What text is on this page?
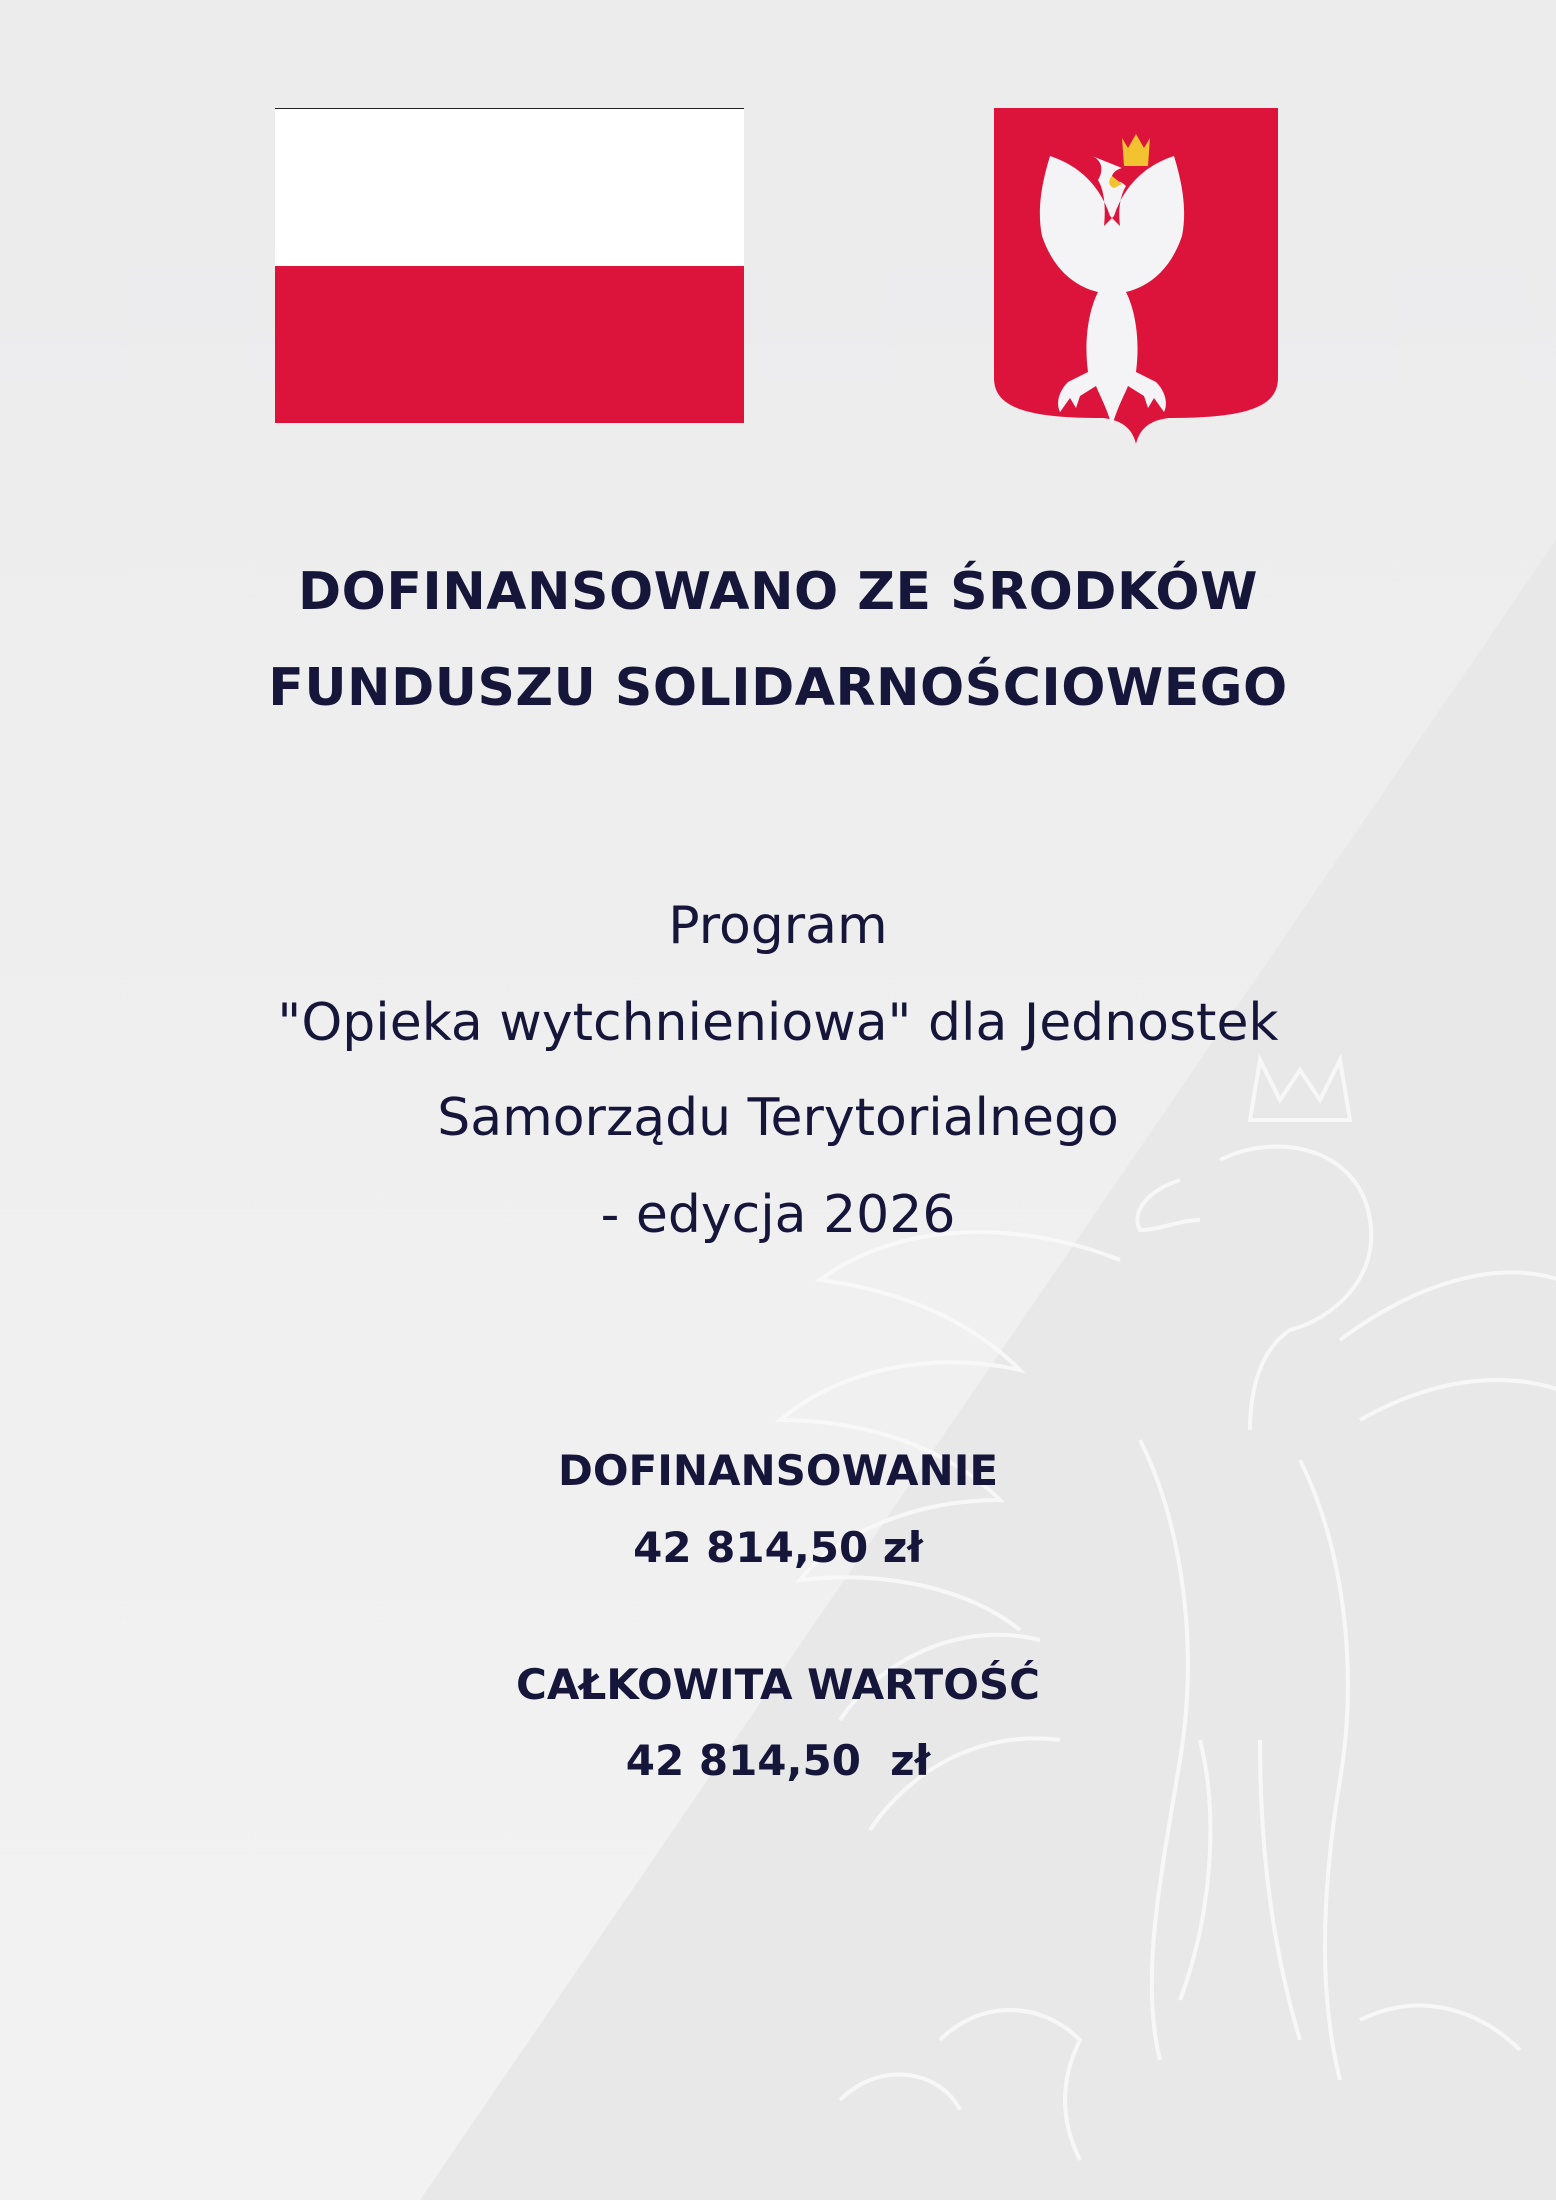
DOFINANSOWANO ZE ŚRODKÓW
FUNDUSZU SOLIDARNOŚCIOWEGO
Program
"Opieka wytchnieniowa" dla Jednostek
Samorządu Terytorialnego
- edycja 2026
DOFINANSOWANIE
42 814,50 zł
CAŁKOWITA WARTOŚĆ
42 814,50  zł
